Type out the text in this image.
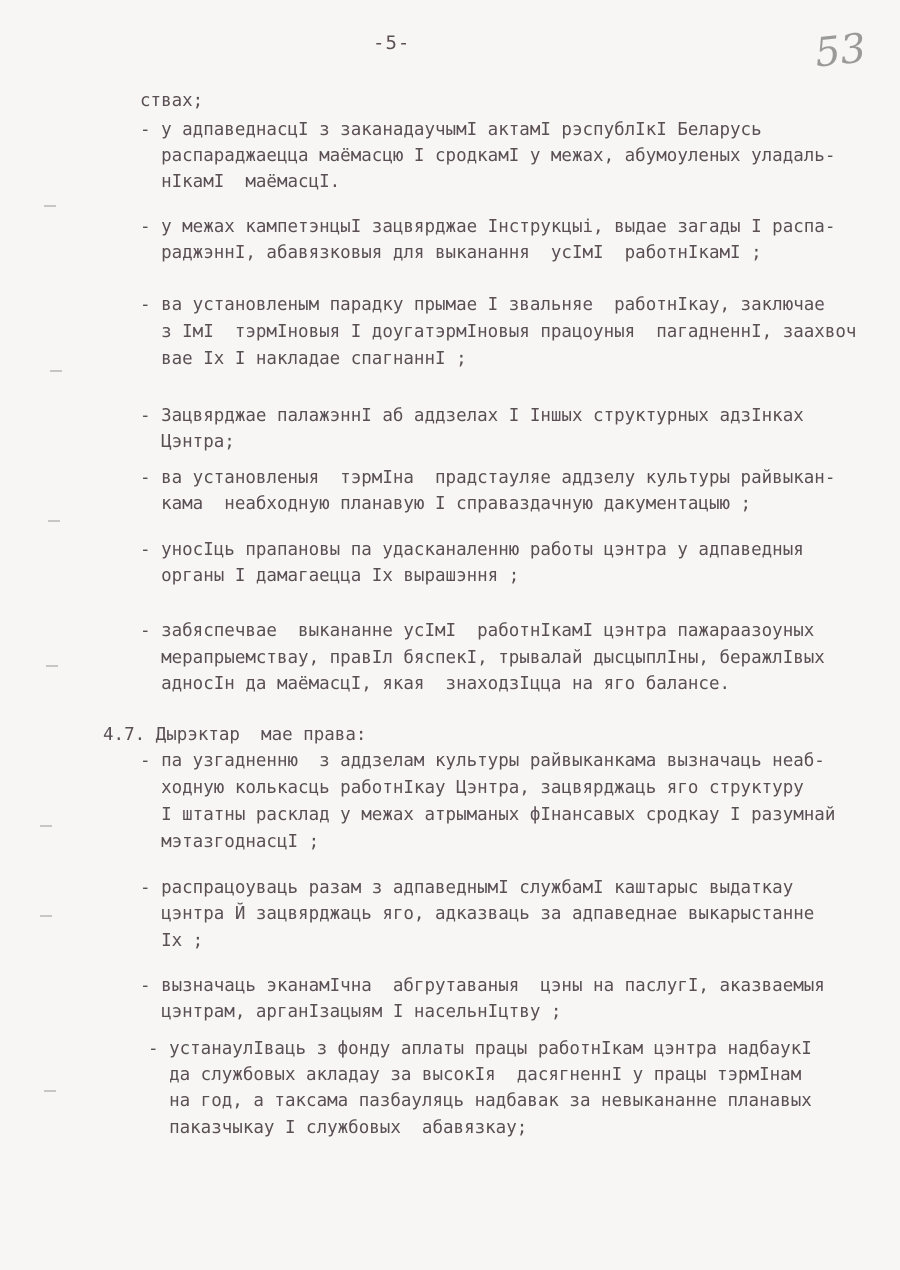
-5-	53
ствах;
- у адпаведнасцІ з заканадаучымІ актамІ рэспублІкІ Беларусь
распараджаецца маёмасцю І сродкамІ у межах, абумоуленых уладаль-
нІкамІ  маёмасцІ.
- у межах кампетэнцыІ зацвярджае Інструкцыі, выдае загады І распа-
раджэннІ, абавязковыя для выканання  усІмІ  работнІкамІ ;
- ва установленым парадку прымае І звальняе  работнІкау, заключае
з ІмІ  тэрмІновыя І доугатэрмІновыя працоуныя  пагадненнІ, заахвоч
вае Іх І накладае спагнаннІ ;
- Зацвярджае палажэннІ аб аддзелах І Іншых структурных адзІнках
Цэнтра;
- ва установленыя  тэрмІна  прадстауляе аддзелу культуры райвыкан-
кама  неабходную планавую І справаздачную дакументацыю ;
- уносІць прапановы па удасканаленню работы цэнтра у адпаведныя
органы І дамагаецца Іх вырашэння ;
- забяспечвае  выкананне усІмІ  работнІкамІ цэнтра пажараазоуных
мерапрыемствау, правІл бяспекІ, трывалай дысцыплІны, беражлІвых
адносІн да маёмасцІ, якая  знаходзІцца на яго балансе.
4.7. Дырэктар  мае права:
- па узгадненню  з аддзелам культуры райвыканкама вызначаць неаб-
ходную колькасць работнІкау Цэнтра, зацвярджаць яго структуру
І штатны расклад у межах атрыманых фІнансавых сродкау І разумнай
мэтазгоднасцІ ;
- распрацоуваць разам з адпаведнымІ службамІ каштарыс выдаткау
цэнтра Й зацвярджаць яго, адказваць за адпаведнае выкарыстанне
Іх ;
- вызначаць эканамІчна  абгрутаваныя  цэны на паслугІ, аказваемыя
цэнтрам, арганІзацыям І насельнІцтву ;
- устанаулІваць з фонду аплаты працы работнІкам цэнтра надбаукІ
да службовых акладау за высокІя  дасягненнІ у працы тэрмІнам
на год, а таксама пазбауляць надбавак за невыкананне планавых
паказчыкау І службовых  абавязкау;
